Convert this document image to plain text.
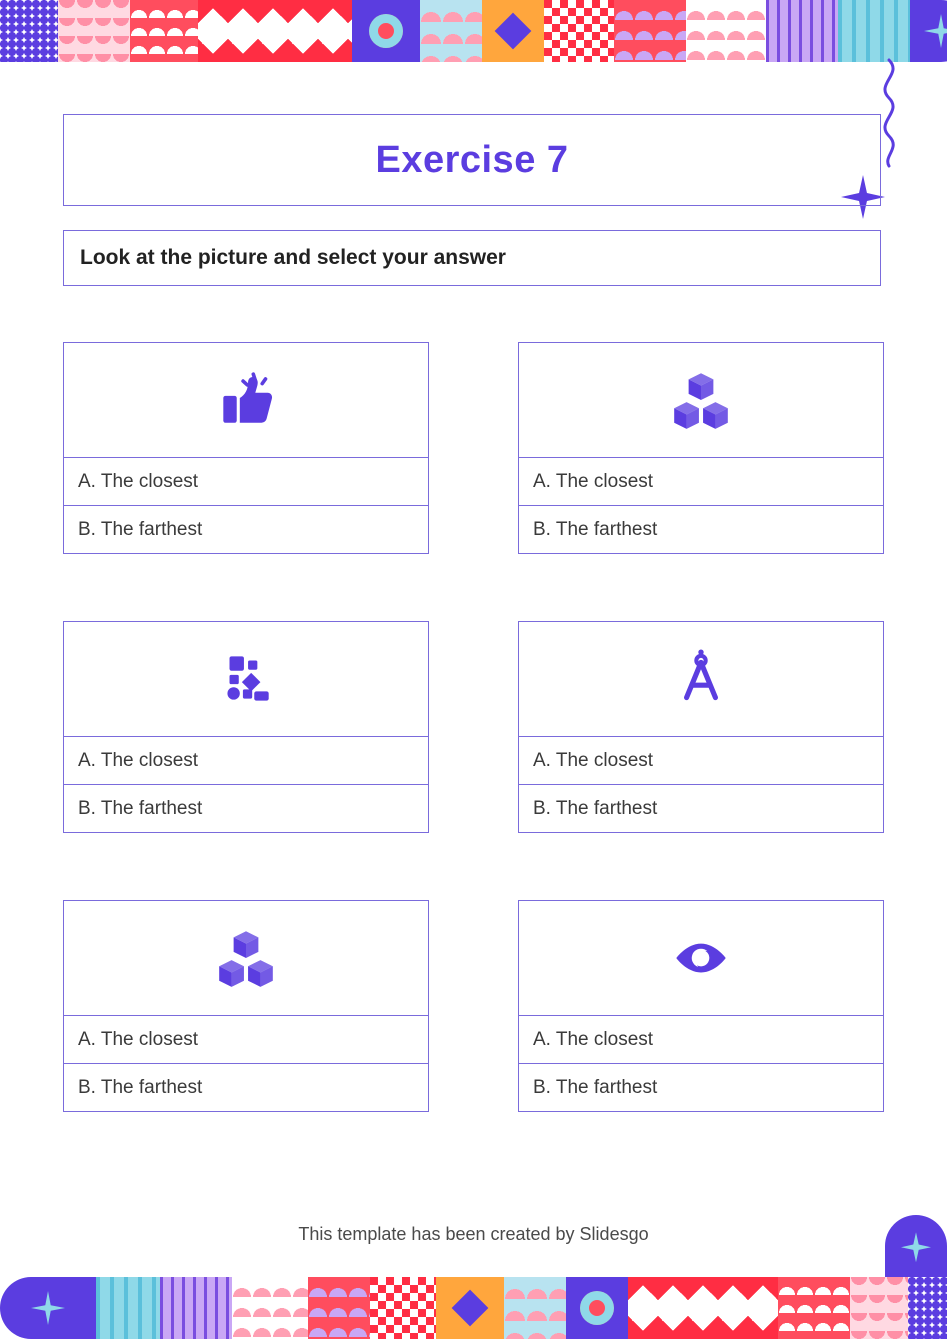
Exercise 7
Look at the picture and select your answer
A. The closest
B. The farthest
A. The closest
B. The farthest
A. The closest
B. The farthest
A. The closest
B. The farthest
A. The closest
B. The farthest
A. The closest
B. The farthest
This template has been created by Slidesgo
